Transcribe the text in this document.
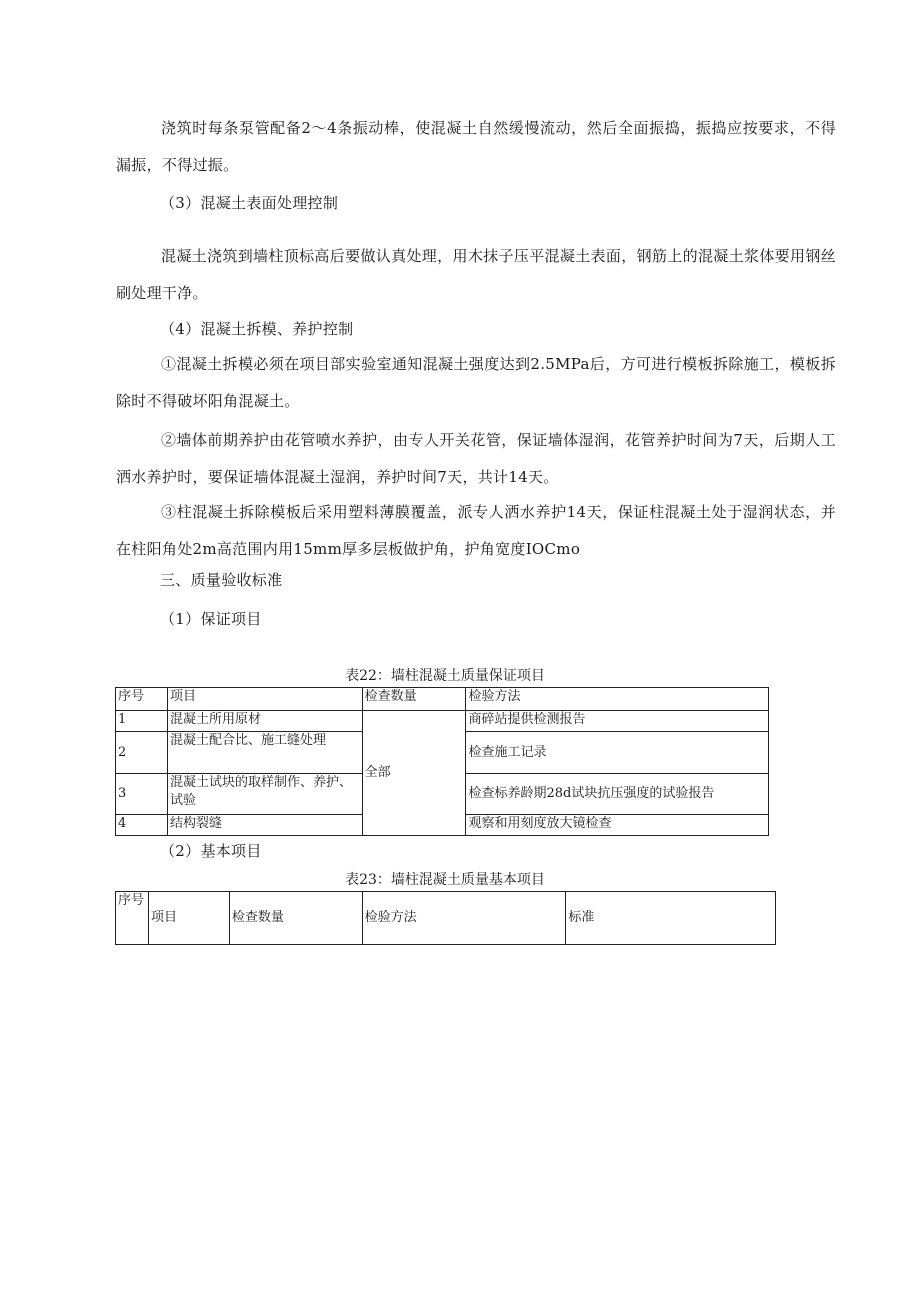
浇筑时每条泵管配备2～4条振动棒，使混凝土自然缓慢流动，然后全面振捣，振捣应按要求，不得漏振，不得过振。
（3）混凝土表面处理控制
混凝土浇筑到墙柱顶标高后要做认真处理，用木抹子压平混凝土表面，钢筋上的混凝土浆体要用钢丝刷处理干净。
（4）混凝土拆模、养护控制
①混凝土拆模必须在项目部实验室通知混凝土强度达到2.5MPa后，方可进行模板拆除施工，模板拆除时不得破坏阳角混凝土。
②墙体前期养护由花管喷水养护，由专人开关花管，保证墙体湿润，花管养护时间为7天，后期人工洒水养护时，要保证墙体混凝土湿润，养护时间7天，共计14天。
③柱混凝土拆除模板后采用塑料薄膜覆盖，派专人洒水养护14天，保证柱混凝土处于湿润状态，并在柱阳角处2m高范围内用15mm厚多层板做护角，护角宽度IOCmo
三、质量验收标准
（1）保证项目
表22：墙柱混凝土质量保证项目
序号	项目	检查数量	检验方法
1	混凝土所用原材	全部	商碎站提供检测报告
2	混凝土配合比、施工缝处理		检查施工记录
3	混凝土试块的取样制作、养护、试验		检查标养龄期28d试块抗压强度的试验报告
4	结构裂缝		观察和用刻度放大镜检查
（2）基本项目
表23：墙柱混凝土质量基本项目
序号	项目	检查数量	检验方法	标准
